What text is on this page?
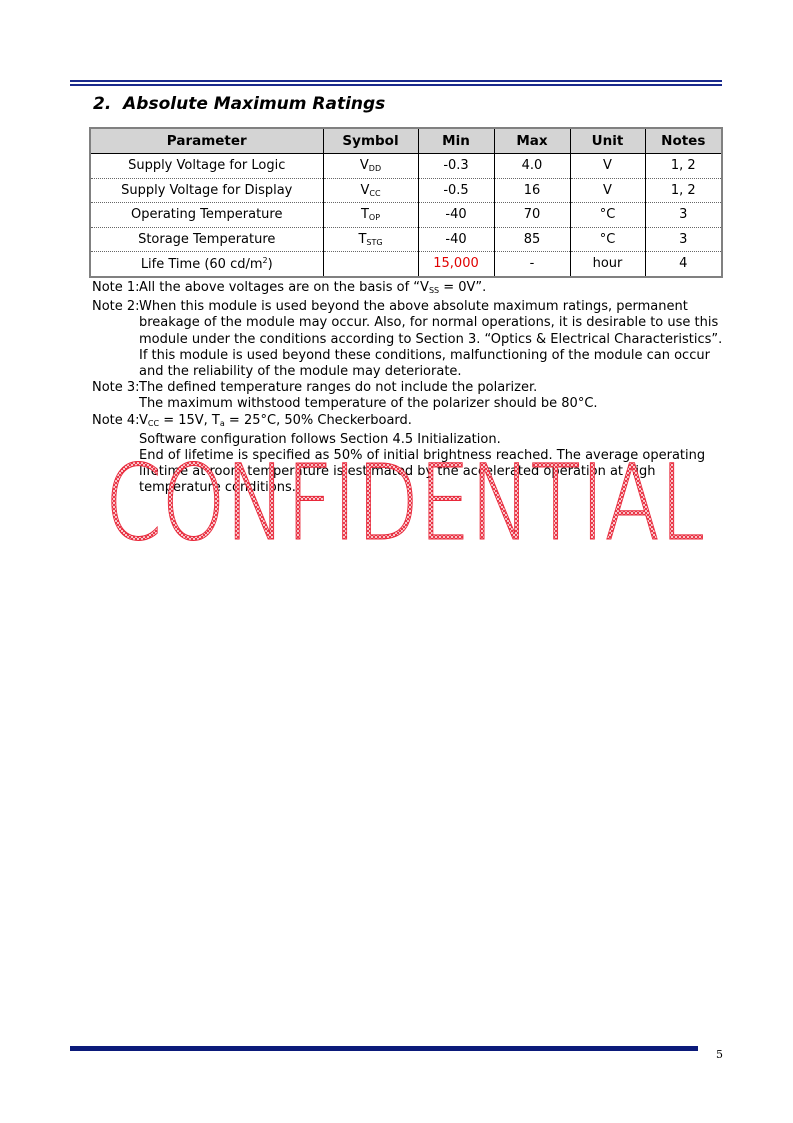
2. Absolute Maximum Ratings
Parameter	Symbol	Min	Max	Unit	Notes
Supply Voltage for Logic	$V_{DD}$	-0.3	4.0	V	1, 2
Supply Voltage for Display	$V_{CC}$	-0.5	16	V	1, 2
Operating Temperature	$T_{OP}$	-40	70	°C	3
Storage Temperature	$T_{STG}$	-40	85	°C	3
Life Time (60 $cd/m^2$)		15,000	-	hour	4
Note 1: All the above voltages are on the basis of “$V_{SS} = 0V$”.
Note 2: When this module is used beyond the above absolute maximum ratings, permanent breakage of the module may occur. Also, for normal operations, it is desirable to use this module under the conditions according to Section 3. “Optics & Electrical Characteristics”. If this module is used beyond these conditions, malfunctioning of the module can occur and the reliability of the module may deteriorate.
Note 3: The defined temperature ranges do not include the polarizer.
The maximum withstood temperature of the polarizer should be 80°C.
Note 4: $V_{CC} = 15V$, $T_a = 25^\circ C$, 50% Checkerboard.
Software configuration follows Section 4.5 Initialization.
End of lifetime is specified as 50% of initial brightness reached. The average operating lifetime at room temperature is estimated by the accelerated operation at high temperature conditions.
CONFIDENTIAL
5
